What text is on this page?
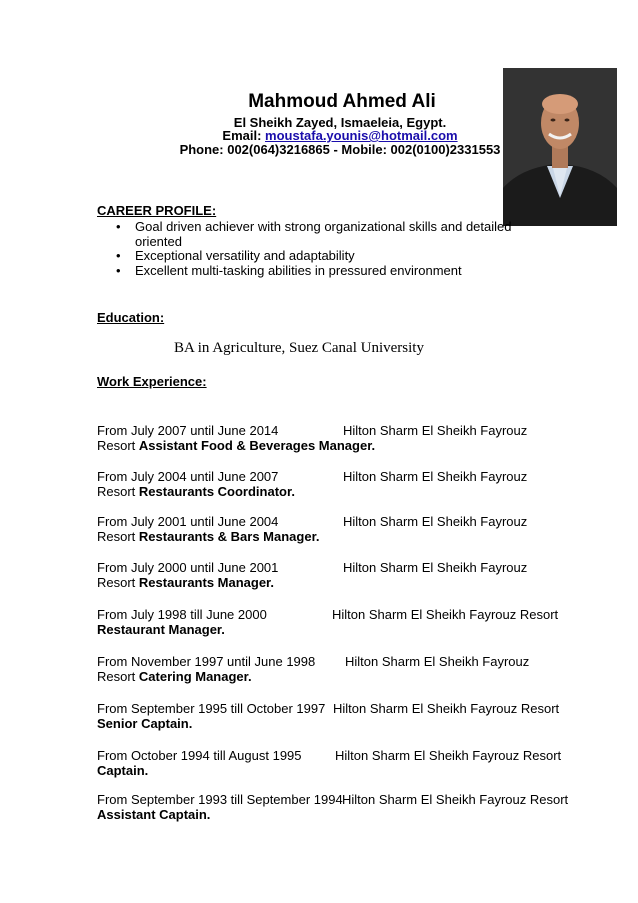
Mahmoud Ahmed Ali
El Sheikh Zayed, Ismaeleia, Egypt.
Email: moustafa.younis@hotmail.com
Phone: 002(064)3216865 - Mobile: 002(0100)2331553
CAREER PROFILE:
• Goal driven achiever with strong organizational skills and detailed oriented
• Exceptional versatility and adaptability
• Excellent multi-tasking abilities in pressured environment
Education:
BA in Agriculture, Suez Canal University
Work Experience:
From July 2007 until June 2014	Hilton Sharm El Sheikh Fayrouz
Resort Assistant Food & Beverages Manager.
From July 2004 until June 2007	Hilton Sharm El Sheikh Fayrouz
Resort Restaurants Coordinator.
From July 2001 until June 2004	Hilton Sharm El Sheikh Fayrouz
Resort Restaurants & Bars Manager.
From July 2000 until June 2001	Hilton Sharm El Sheikh Fayrouz
Resort Restaurants Manager.
From July 1998 till June 2000	Hilton Sharm El Sheikh Fayrouz Resort
Restaurant Manager.
From November 1997 until June 1998 Hilton Sharm El Sheikh Fayrouz
Resort Catering Manager.
From September 1995 till October 1997 Hilton Sharm El Sheikh Fayrouz Resort
Senior Captain.
From October 1994 till August 1995	Hilton Sharm El Sheikh Fayrouz Resort
Captain.
From September 1993 till September 1994 Hilton Sharm El Sheikh Fayrouz Resort
Assistant Captain.
